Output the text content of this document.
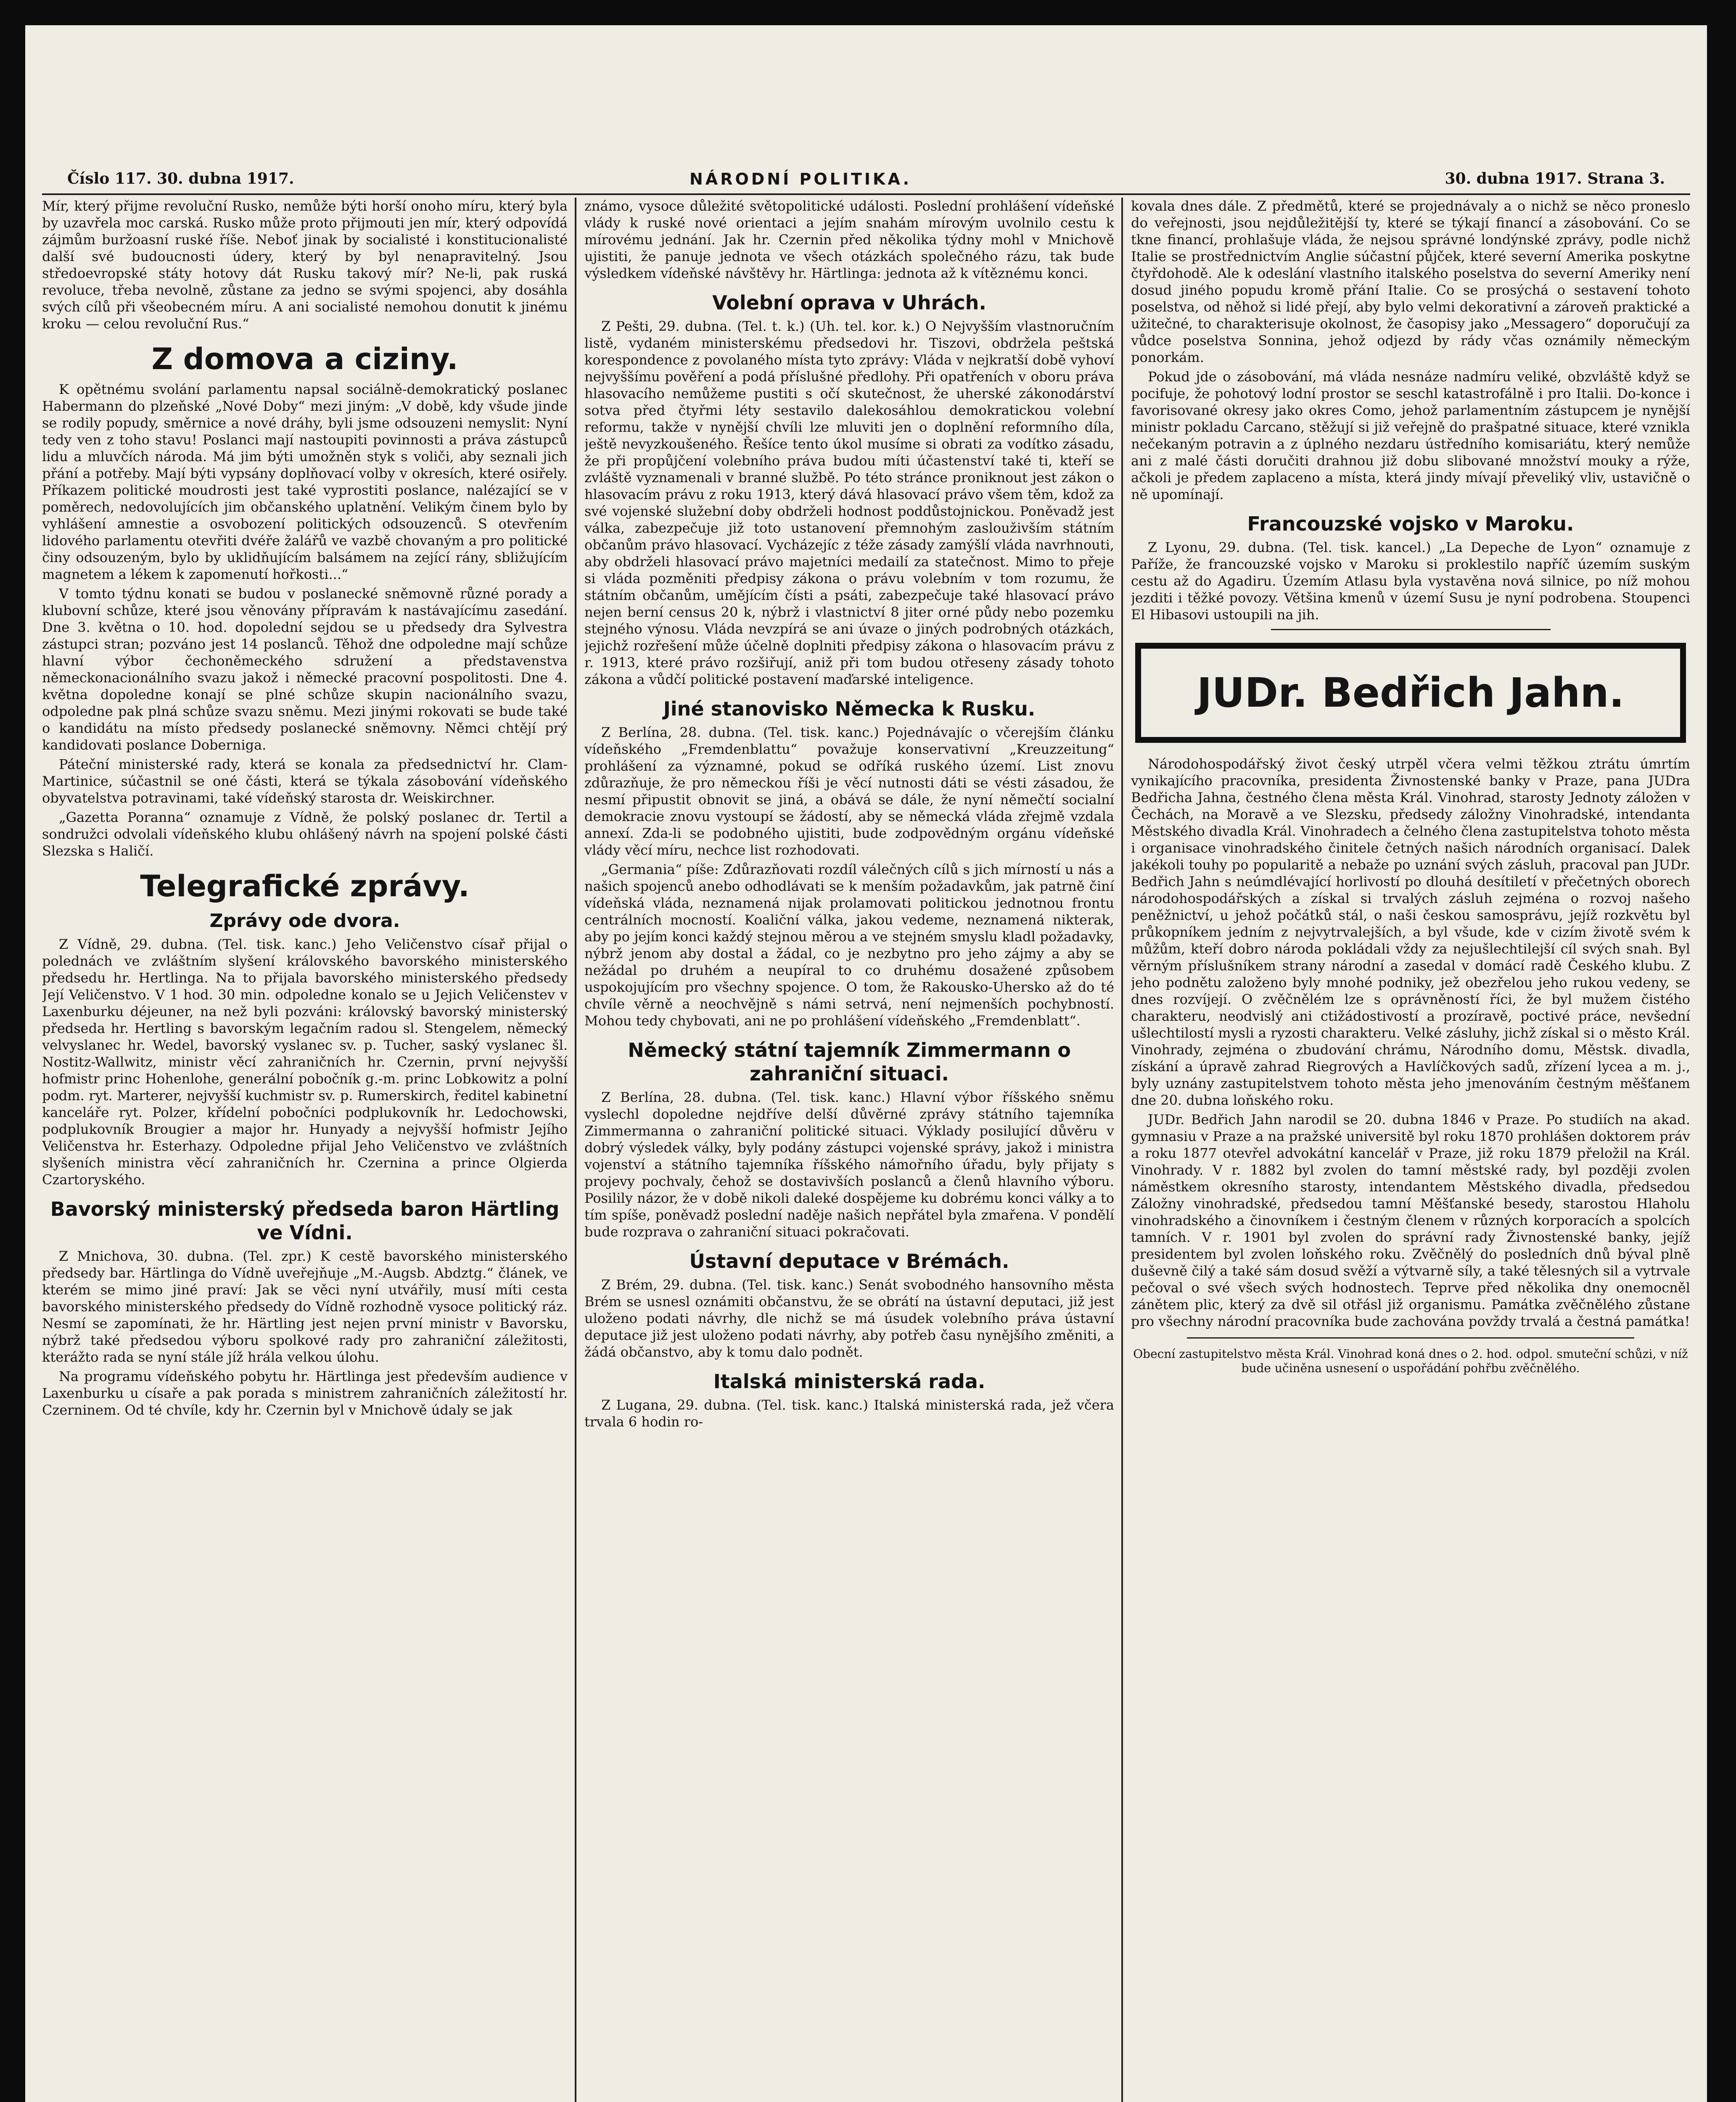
Číslo 117. 30. dubna 1917.	NÁRODNÍ POLITIKA.	30. dubna 1917. Strana 3.

Mír, který přijme revoluční Rusko, nemůže býti horší onoho míru, který byla by uzavřela moc carská. Rusko může proto přijmouti jen mír, který odpovídá zájmům buržoasní ruské říše. Neboť jinak by socialisté i konstitucionalisté další své budoucnosti údery, který by byl nenapravitelný. Jsou středoevropské státy hotovy dát Rusku takový mír? Ne-li, pak ruská revoluce, třeba nevolně, zůstane za jedno se svými spojenci, aby dosáhla svých cílů při všeobecném míru. A ani socialisté nemohou donutit k jinému kroku — celou revoluční Rus.“

Z domova a ciziny.

K opětnému svolání parlamentu napsal sociálně-demokratický poslanec Habermann do plzeňské „Nové Doby“ mezi jiným: „V době, kdy všude jinde se rodily popudy, směrnice a nové dráhy, byli jsme odsouzeni nemyslit: Nyní tedy ven z toho stavu! Poslanci mají nastoupiti povinnosti a práva zástupců lidu a mluvčích národa. Má jim býti umožněn styk s voliči, aby seznali jich přání a potřeby. Mají býti vypsány doplňovací volby v okresích, které osiřely. Příkazem politické moudrosti jest také vyprostiti poslance, nalézající se v poměrech, nedovolujících jim občanského uplatnění. Velikým činem bylo by vyhlášení amnestie a osvobození politických odsouzenců. S otevřením lidového parlamentu otevřiti dvéře žalářů ve vazbě chovaným a pro politické činy odsouzeným, bylo by uklidňujícím balsámem na zející rány, sbližujícím magnetem a lékem k zapomenutí hořkosti...“

V tomto týdnu konati se budou v poslanecké sněmovně různé porady a klubovní schůze, které jsou věnovány přípravám k nastávajícímu zasedání. Dne 3. května o 10. hod. dopolední sejdou se u předsedy dra Sylvestra zástupci stran; pozváno jest 14 poslanců. Těhož dne odpoledne mají schůze hlavní výbor čechoněmeckého sdružení a představenstva německonacionálního svazu jakož i německé pracovní pospolitosti. Dne 4. května dopoledne konají se plné schůze skupin nacionálního svazu, odpoledne pak plná schůze svazu sněmu. Mezi jinými rokovati se bude také o kandidátu na místo předsedy poslanecké sněmovny. Němci chtějí prý kandidovati poslance Doberniga.

Páteční ministerské rady, která se konala za předsednictví hr. Clam-Martinice, súčastnil se oné části, která se týkala zásobování vídeňského obyvatelstva potravinami, také vídeňský starosta dr. Weiskirchner.

„Gazetta Poranna“ oznamuje z Vídně, že polský poslanec dr. Tertil a sondružci odvolali vídeňského klubu ohlášený návrh na spojení polské části Slezska s Haličí.

Telegrafické zprávy.
Zprávy ode dvora.

Z Vídně, 29. dubna. (Tel. tisk. kanc.) Jeho Veličenstvo císař přijal o polednách ve zvláštním slyšení královského bavorského ministerského předsedu hr. Hertlinga. Na to přijala bavorského ministerského předsedy Její Veličenstvo. V 1 hod. 30 min. odpoledne konalo se u Jejich Veličenstev v Laxenburku déjeuner, na než byli pozváni: královský bavorský ministerský předseda hr. Hertling s bavorským legačním radou sl. Stengelem, německý velvyslanec hr. Wedel, bavorský vyslanec sv. p. Tucher, saský vyslanec šl. Nostitz-Wallwitz, ministr věcí zahraničních hr. Czernin, první nejvyšší hofmistr princ Hohenlohe, generální pobočník g.-m. princ Lobkowitz a polní podm. ryt. Marterer, nejvyšší kuchmistr sv. p. Rumerskirch, ředitel kabinetní kanceláře ryt. Polzer, křídelní pobočníci podplukovník hr. Ledochowski, podplukovník Brougier a major hr. Hunyady a nejvyšší hofmistr Jejího Veličenstva hr. Esterhazy. Odpoledne přijal Jeho Veličenstvo ve zvláštních slyšeních ministra věcí zahraničních hr. Czernina a prince Olgierda Czartoryského.

Bavorský ministerský předseda baron Härtling ve Vídni.

Z Mnichova, 30. dubna. (Tel. zpr.) K cestě bavorského ministerského předsedy bar. Härtlinga do Vídně uveřejňuje „M.-Augsb. Abdztg.“ článek, ve kterém se mimo jiné praví: Jak se věci nyní utvářily, musí míti cesta bavorského ministerského předsedy do Vídně rozhodně vysoce politický ráz. Nesmí se zapomínati, že hr. Härtling jest nejen první ministr v Bavorsku, nýbrž také předsedou výboru spolkové rady pro zahraniční záležitosti, kterážto rada se nyní stále jíž hrála velkou úlohu.

Na programu vídeňského pobytu hr. Härtlinga jest především audience v Laxenburku u císaře a pak porada s ministrem zahraničních záležitostí hr. Czerninem. Od té chvíle, kdy hr. Czernin byl v Mnichově údaly se jak

známo, vysoce důležité světopolitické události. Poslední prohlášení vídeňské vlády k ruské nové orientaci a jejím snahám mírovým uvolnilo cestu k mírovému jednání. Jak hr. Czernin před několika týdny mohl v Mnichově ujistiti, že panuje jednota ve všech otázkách společného rázu, tak bude výsledkem vídeňské návštěvy hr. Härtlinga: jednota až k vítěznému konci.

Volební oprava v Uhrách.

Z Pešti, 29. dubna. (Tel. t. k.) (Uh. tel. kor. k.) O Nejvyšším vlastnoručním listě, vydaném ministerskému předsedovi hr. Tiszovi, obdržela peštská korespondence z povolaného místa tyto zprávy: Vláda v nejkratší době vyhoví nejvyššímu pověření a podá příslušné předlohy. Při opatřeních v oboru práva hlasovacího nemůžeme pustiti s očí skutečnost, že uherské zákonodárství sotva před čtyřmi léty sestavilo dalekosáhlou demokratickou volební reformu, takže v nynější chvíli lze mluviti jen o doplnění reformního díla, ještě nevyzkoušeného. Řešíce tento úkol musíme si obrati za vodítko zásadu, že při propůjčení volebního práva budou míti účastenství také ti, kteří se zvláště vyznamenali v branné službě. Po této stránce proniknout jest zákon o hlasovacím právu z roku 1913, který dává hlasovací právo všem těm, kdož za své vojenské služební doby obdrželi hodnost poddůstojnickou. Poněvadž jest válka, zabezpečuje již toto ustanovení přemnohým zaslouživším státním občanům právo hlasovací. Vycházejíc z téže zásady zamýšlí vláda navrhnouti, aby obdrželi hlasovací právo majetníci medailí za statečnost. Mimo to přeje si vláda pozměniti předpisy zákona o právu volebním v tom rozumu, že státním občanům, umějícím čísti a psáti, zabezpečuje také hlasovací právo nejen berní census 20 k, nýbrž i vlastnictví 8 jiter orné půdy nebo pozemku stejného výnosu. Vláda nevzpírá se ani úvaze o jiných podrobných otázkách, jejichž rozřešení může účelně doplniti předpisy zákona o hlasovacím právu z r. 1913, které právo rozšiřují, aniž při tom budou otřeseny zásady tohoto zákona a vůdčí politické postavení maďarské inteligence.

Jiné stanovisko Německa k Rusku.

Z Berlína, 28. dubna. (Tel. tisk. kanc.) Pojednávajíc o včerejším článku vídeňského „Fremdenblattu“ považuje konservativní „Kreuzzeitung“ prohlášení za významné, pokud se odříká ruského území. List znovu zdůrazňuje, že pro německou říši je věcí nutnosti dáti se vésti zásadou, že nesmí připustit obnovit se jiná, a obává se dále, že nyní němečtí socialní demokracie znovu vystoupí se žádostí, aby se německá vláda zřejmě vzdala annexí. Zda-li se podobného ujistiti, bude zodpovědným orgánu vídeňské vlády věcí míru, nechce list rozhodovati.

„Germania“ píše: Zdůrazňovati rozdíl válečných cílů s jich mírností u nás a našich spojenců anebo odhodlávati se k menším požadavkům, jak patrně činí vídeňská vláda, neznamená nijak prolamovati politickou jednotnou frontu centrálních mocností. Koaliční válka, jakou vedeme, neznamená nikterak, aby po jejím konci každý stejnou měrou a ve stejném smyslu kladl požadavky, nýbrž jenom aby dostal a žádal, co je nezbytno pro jeho zájmy a aby se nežádal po druhém a neupíral to co druhému dosažené způsobem uspokojujícím pro všechny spojence. O tom, že Rakousko-Uhersko až do té chvíle věrně a neochvějně s námi setrvá, není nejmenších pochybností. Mohou tedy chybovati, ani ne po prohlášení vídeňského „Fremdenblatt“.

Německý státní tajemník Zimmermann o zahraniční situaci.

Z Berlína, 28. dubna. (Tel. tisk. kanc.) Hlavní výbor říšského sněmu vyslechl dopoledne nejdříve delší důvěrné zprávy státního tajemníka Zimmermanna o zahraniční politické situaci. Výklady posilující důvěru v dobrý výsledek války, byly podány zástupci vojenské správy, jakož i ministra vojenství a státního tajemníka říšského námořního úřadu, byly přijaty s projevy pochvaly, čehož se dostavivších poslanců a členů hlavního výboru. Posilily názor, že v době nikoli daleké dospějeme ku dobrému konci války a to tím spíše, poněvadž poslední naděje našich nepřátel byla zmařena. V pondělí bude rozprava o zahraniční situaci pokračovati.

Ústavní deputace v Brémách.

Z Brém, 29. dubna. (Tel. tisk. kanc.) Senát svobodného hansovního města Brém se usnesl oznámiti občanstvu, že se obrátí na ústavní deputaci, již jest uloženo podati návrhy, dle nichž se má úsudek volebního práva ústavní deputace již jest uloženo podati návrhy, aby potřeb času nynějšího změniti, a žádá občanstvo, aby k tomu dalo podnět.

Italská ministerská rada.

Z Lugana, 29. dubna. (Tel. tisk. kanc.) Italská ministerská rada, jež včera trvala 6 hodin ro-

kovala dnes dále. Z předmětů, které se projednávaly a o nichž se něco proneslo do veřejnosti, jsou nejdůležitější ty, které se týkají financí a zásobování. Co se tkne financí, prohlašuje vláda, že nejsou správné londýnské zprávy, podle nichž Italie se prostřednictvím Anglie súčastní půjček, které severní Amerika poskytne čtyřdohodě. Ale k odeslání vlastního italského poselstva do severní Ameriky není dosud jiného popudu kromě přání Italie. Co se prosýchá o sestavení tohoto poselstva, od něhož si lidé přejí, aby bylo velmi dekorativní a zároveň praktické a užitečné, to charakterisuje okolnost, že časopisy jako „Messagero“ doporučují za vůdce poselstva Sonnina, jehož odjezd by rády včas oznámily německým ponorkám.

Pokud jde o zásobování, má vláda nesnáze nadmíru veliké, obzvláště když se pocifuje, že pohotový lodní prostor se seschl katastrofálně i pro Italii. Do-konce i favorisované okresy jako okres Como, jehož parlamentním zástupcem je nynější ministr pokladu Carcano, stěžují si již veřejně do prašpatné situace, které vznikla nečekaným potravin a z úplného nezdaru ústředního komisariátu, který nemůže ani z malé části doručiti drahnou již dobu slibované množství mouky a rýže, ačkoli je předem zaplaceno a místa, která jindy mívají převeliký vliv, ustavičně o ně upomínají.

Francouzské vojsko v Maroku.

Z Lyonu, 29. dubna. (Tel. tisk. kancel.) „La Depeche de Lyon“ oznamuje z Paříže, že francouzské vojsko v Maroku si proklestilo napříč územím suským cestu až do Agadiru. Územím Atlasu byla vystavěna nová silnice, po níž mohou jezditi i těžké povozy. Většina kmenů v území Susu je nyní podrobena. Stoupenci El Hibasovi ustoupili na jih.

JUDr. Bedřich Jahn.

Národohospodářský život český utrpěl včera velmi těžkou ztrátu úmrtím vynikajícího pracovníka, presidenta Živnostenské banky v Praze, pana JUDra Bedřicha Jahna, čestného člena města Král. Vinohrad, starosty Jednoty záložen v Čechách, na Moravě a ve Slezsku, předsedy záložny Vinohradské, intendanta Městského divadla Král. Vinohradech a čelného člena zastupitelstva tohoto města i organisace vinohradského činitele četných našich národních organisací. Dalek jakékoli touhy po popularitě a nebaže po uznání svých zásluh, pracoval pan JUDr. Bedřich Jahn s neúmdlévající horlivostí po dlouhá desítiletí v přečetných oborech národohospodářských a získal si trvalých zásluh zejména o rozvoj našeho peněžnictví, u jehož počátků stál, o naši českou samosprávu, jejíž rozkvětu byl průkopníkem jedním z nejvytrvalejších, a byl všude, kde v cizím životě svém k můžům, kteří dobro národa pokládali vždy za nejušlechtilejší cíl svých snah. Byl věrným příslušníkem strany národní a zasedal v domácí radě Českého klubu. Z jeho podnětu založeno byly mnohé podniky, jež obezřelou jeho rukou vedeny, se dnes rozvíjejí. O zvěčnělém lze s oprávněností říci, že byl mužem čistého charakteru, neodvislý ani ctižádostivostí a prozíravě, poctivé práce, nevšední ušlechtilostí mysli a ryzosti charakteru. Velké zásluhy, jichž získal si o město Král. Vinohrady, zejména o zbudování chrámu, Národního domu, Městsk. divadla, získání a úpravě zahrad Riegrových a Havlíčkových sadů, zřízení lycea a m. j., byly uznány zastupitelstvem tohoto města jeho jmenováním čestným měšťanem dne 20. dubna loňského roku.

JUDr. Bedřich Jahn narodil se 20. dubna 1846 v Praze. Po studiích na akad. gymnasiu v Praze a na pražské universitě byl roku 1870 prohlášen doktorem práv a roku 1877 otevřel advokátní kancelář v Praze, již roku 1879 přeložil na Král. Vinohrady. V r. 1882 byl zvolen do tamní městské rady, byl později zvolen náměstkem okresního starosty, intendantem Městského divadla, předsedou Záložny vinohradské, předsedou tamní Měšťanské besedy, starostou Hlaholu vinohradského a činovníkem i čestným členem v různých korporacích a spolcích tamních. V r. 1901 byl zvolen do správní rady Živnostenské banky, jejíž presidentem byl zvolen loňského roku. Zvěčnělý do posledních dnů býval plně duševně čilý a také sám dosud svěží a výtvarně síly, a také tělesných sil a vytrvale pečoval o své všech svých hodnostech. Teprve před několika dny onemocněl zánětem plic, který za dvě sil otřásl již organismu. Památka zvěčnělého zůstane pro všechny národní pracovníka bude zachována povždy trvalá a čestná památka!

Obecní zastupitelstvo města Král. Vinohrad koná dnes o 2. hod. odpol. smuteční schůzi, v níž bude učiněna usnesení o uspořádání pohřbu zvěčnělého.
